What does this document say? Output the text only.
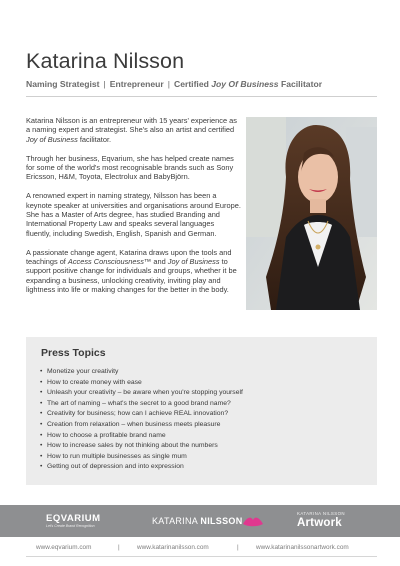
Katarina Nilsson
Naming Strategist | Entrepreneur | Certified Joy Of Business Facilitator

Katarina Nilsson is an entrepreneur with 15 years' experience as a naming expert and strategist. She's also an artist and certified Joy of Business facilitator.

Through her business, Eqvarium, she has helped create names for some of the world's most recognisable brands such as Sony Ericsson, H&M, Toyota, Electrolux and BabyBjörn.

A renowned expert in naming strategy, Nilsson has been a keynote speaker at universities and organisations around Europe. She has a Master of Arts degree, has studied Branding and International Property Law and speaks several languages fluently, including Swedish, English, Spanish and German.

A passionate change agent, Katarina draws upon the tools and teachings of Access Consciousness™ and Joy of Business to support positive change for individuals and groups, whether it be expanding a business, unlocking creativity, inviting play and lightness into life or making changes for the better in the body.

Press Topics
• Monetize your creativity
• How to create money with ease
• Unleash your creativity – be aware when you're stopping yourself
• The art of naming – what's the secret to a good brand name?
• Creativity for business; how can I achieve REAL innovation?
• Creation from relaxation – when business meets pleasure
• How to choose a profitable brand name
• How to increase sales by not thinking about the numbers
• How to run multiple businesses as single mum
• Getting out of depression and into expression
EQVARIUM
Let's Create Brand Recognition	KATARINA NILSSON
KATARINA NILSSON
Artwork
www.eqvarium.com	|	www.katarinanilsson.com	|	www.katarinanilssonartwork.com
